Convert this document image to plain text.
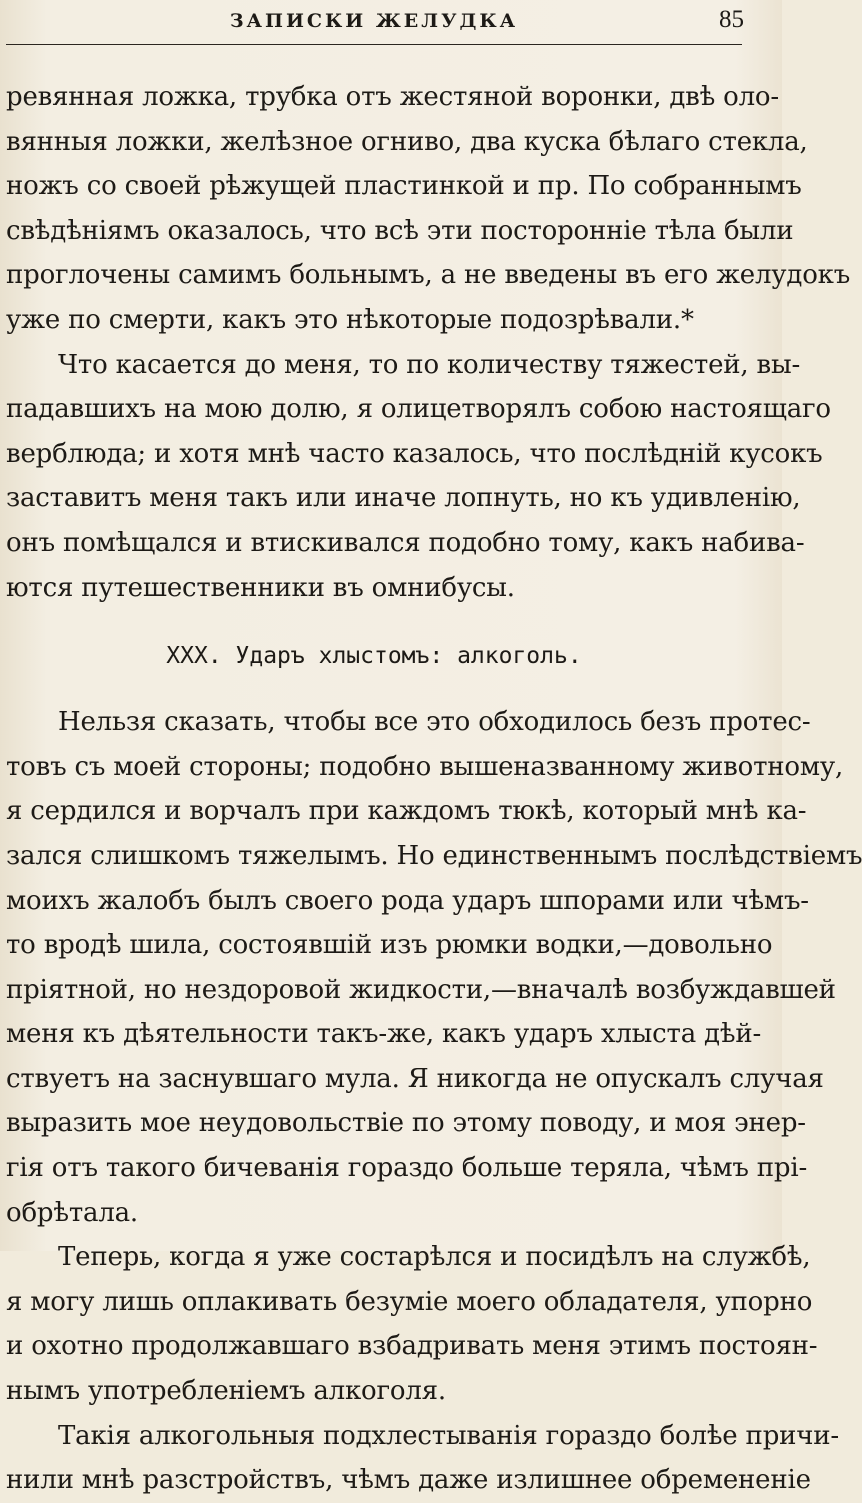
ЗАПИСКИ ЖЕЛУДКА	85
ревянная ложка, трубка отъ жестяной воронки, двѣ оло-
вянныя ложки, желѣзное огниво, два куска бѣлаго стекла,
ножъ со своей рѣжущей пластинкой и пр. По собраннымъ
свѣдѣніямъ оказалось, что всѣ эти посторонніе тѣла были
проглочены самимъ больнымъ, а не введены въ его желудокъ
уже по смерти, какъ это нѣкоторые подозрѣвали.*
Что касается до меня, то по количеству тяжестей, вы-
падавшихъ на мою долю, я олицетворялъ собою настоящаго
верблюда; и хотя мнѣ часто казалось, что послѣдній кусокъ
заставитъ меня такъ или иначе лопнуть, но къ удивленію,
онъ помѣщался и втискивался подобно тому, какъ набива-
ются путешественники въ омнибусы.
XXX. Ударъ хлыстомъ: алкоголь.
Нельзя сказать, чтобы все это обходилось безъ протес-
товъ съ моей стороны; подобно вышеназванному животному,
я сердился и ворчалъ при каждомъ тюкѣ, который мнѣ ка-
зался слишкомъ тяжелымъ. Но единственнымъ послѣдствіемъ
моихъ жалобъ былъ своего рода ударъ шпорами или чѣмъ-
то вродѣ шила, состоявшій изъ рюмки водки,—довольно
пріятной, но нездоровой жидкости,—вначалѣ возбуждавшей
меня къ дѣятельности такъ-же, какъ ударъ хлыста дѣй-
ствуетъ на заснувшаго мула. Я никогда не опускалъ случая
выразить мое неудовольствіе по этому поводу, и моя энер-
гія отъ такого бичеванія гораздо больше теряла, чѣмъ прі-
обрѣтала.
Теперь, когда я уже состарѣлся и посидѣлъ на службѣ,
я могу лишь оплакивать безуміе моего обладателя, упорно
и охотно продолжавшаго взбадривать меня этимъ постоян-
нымъ употребленіемъ алкоголя.
Такія алкогольныя подхлестыванія гораздо болѣе причи-
нили мнѣ разстройствъ, чѣмъ даже излишнее обремененіе
